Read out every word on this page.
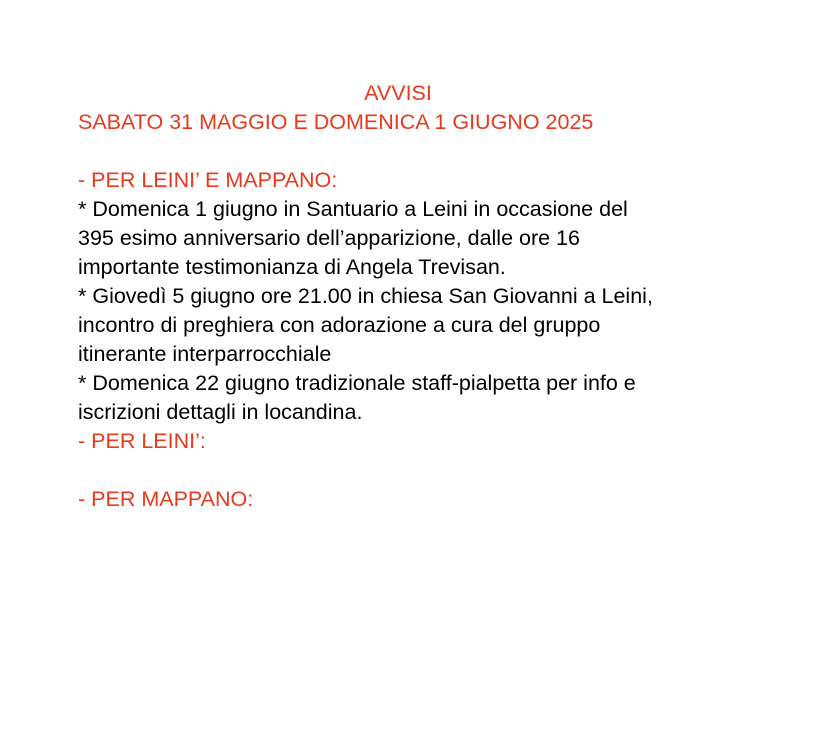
AVVISI

SABATO 31 MAGGIO E DOMENICA 1 GIUGNO 2025

- PER LEINI’ E MAPPANO:

* Domenica 1 giugno in Santuario a Leini in occasione del

395 esimo anniversario dell’apparizione, dalle ore 16

importante testimonianza di Angela Trevisan.

* Giovedì 5 giugno ore 21.00 in chiesa San Giovanni a Leini,

incontro di preghiera con adorazione a cura del gruppo

itinerante interparrocchiale

* Domenica 22 giugno tradizionale staff-pialpetta per info e

iscrizioni dettagli in locandina.

- PER LEINI’:

- PER MAPPANO:
